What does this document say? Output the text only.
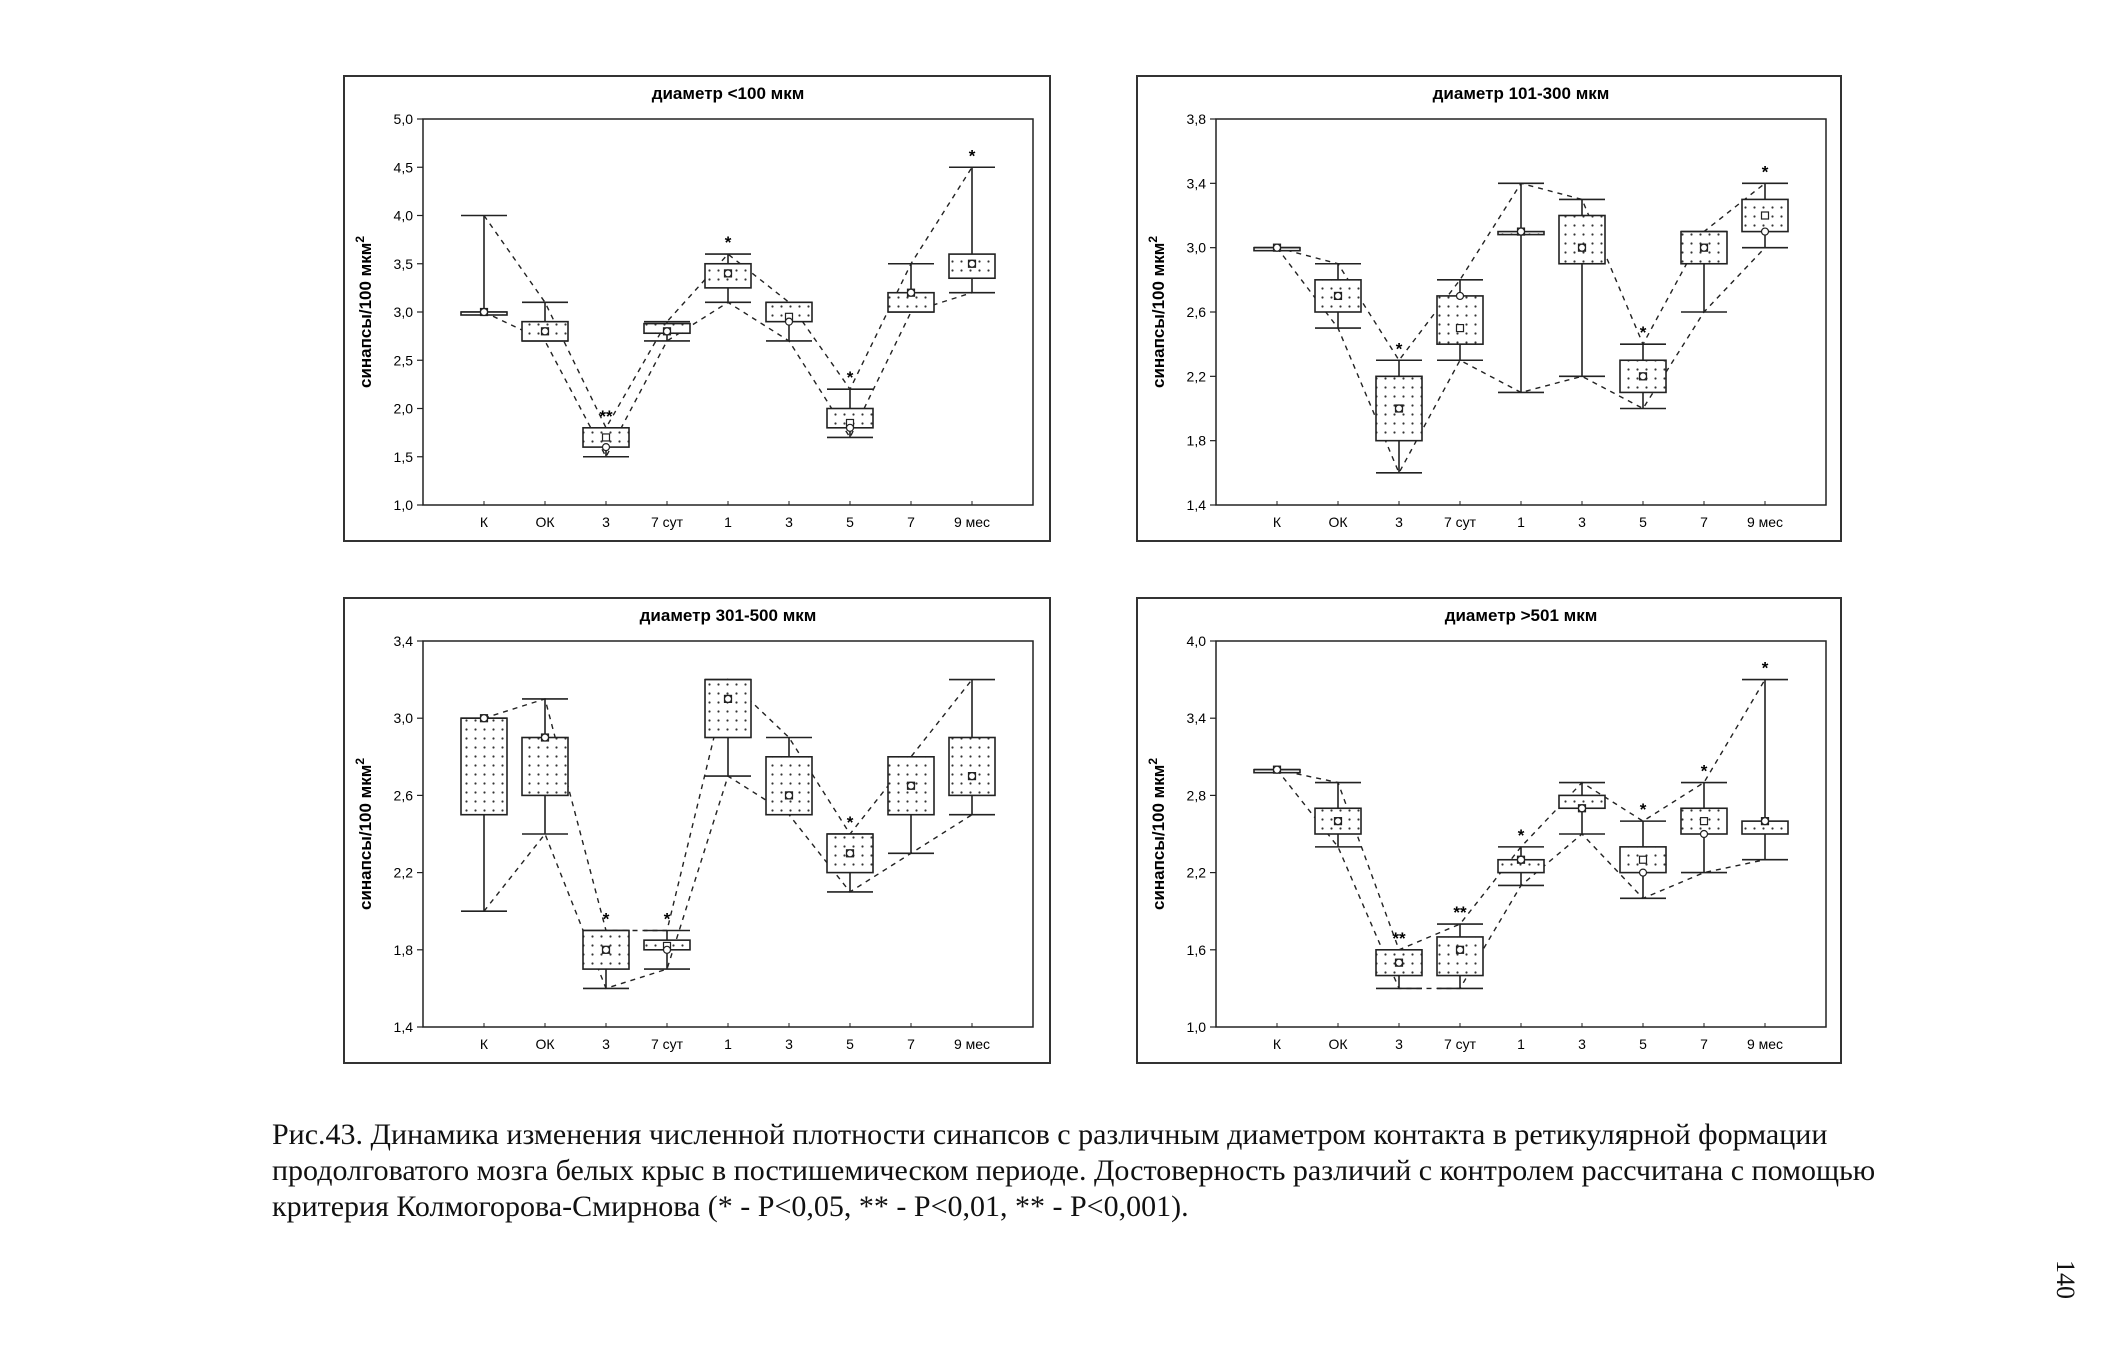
диаметр <100 мкм
1,0
1,5
2,0
2,5
3,0
3,5
4,0
4,5
5,0
синапсы/100 мкм$^2$
К	ОК	3	7 сут	1	3	5	7	9 мес
**
*
*
*
диаметр 101-300 мкм
1,4
1,8
2,2
2,6
3,0
3,4
3,8
синапсы/100 мкм$^2$
К	ОК	3	7 сут	1	3	5	7	9 мес
*
*
*
диаметр 301-500 мкм
1,4
1,8
2,2
2,6
3,0
3,4
синапсы/100 мкм$^2$
К	ОК	3	7 сут	1	3	5	7	9 мес
*	*
*
диаметр >501 мкм
1,0
1,6
2,2
2,8
3,4
4,0
синапсы/100 мкм$^2$
К	ОК	3	7 сут	1	3	5	7	9 мес
**
**
*
*
*
*

Рис.43. Динамика изменения численной плотности синапсов с различным диаметром контакта в ретикулярной формации продолговатого мозга белых крыс в постишемическом периоде. Достоверность различий с контролем рассчитана с помощью критерия Колмогорова-Смирнова (* - P<0,05, ** - P<0,01, ** - P<0,001).

140
